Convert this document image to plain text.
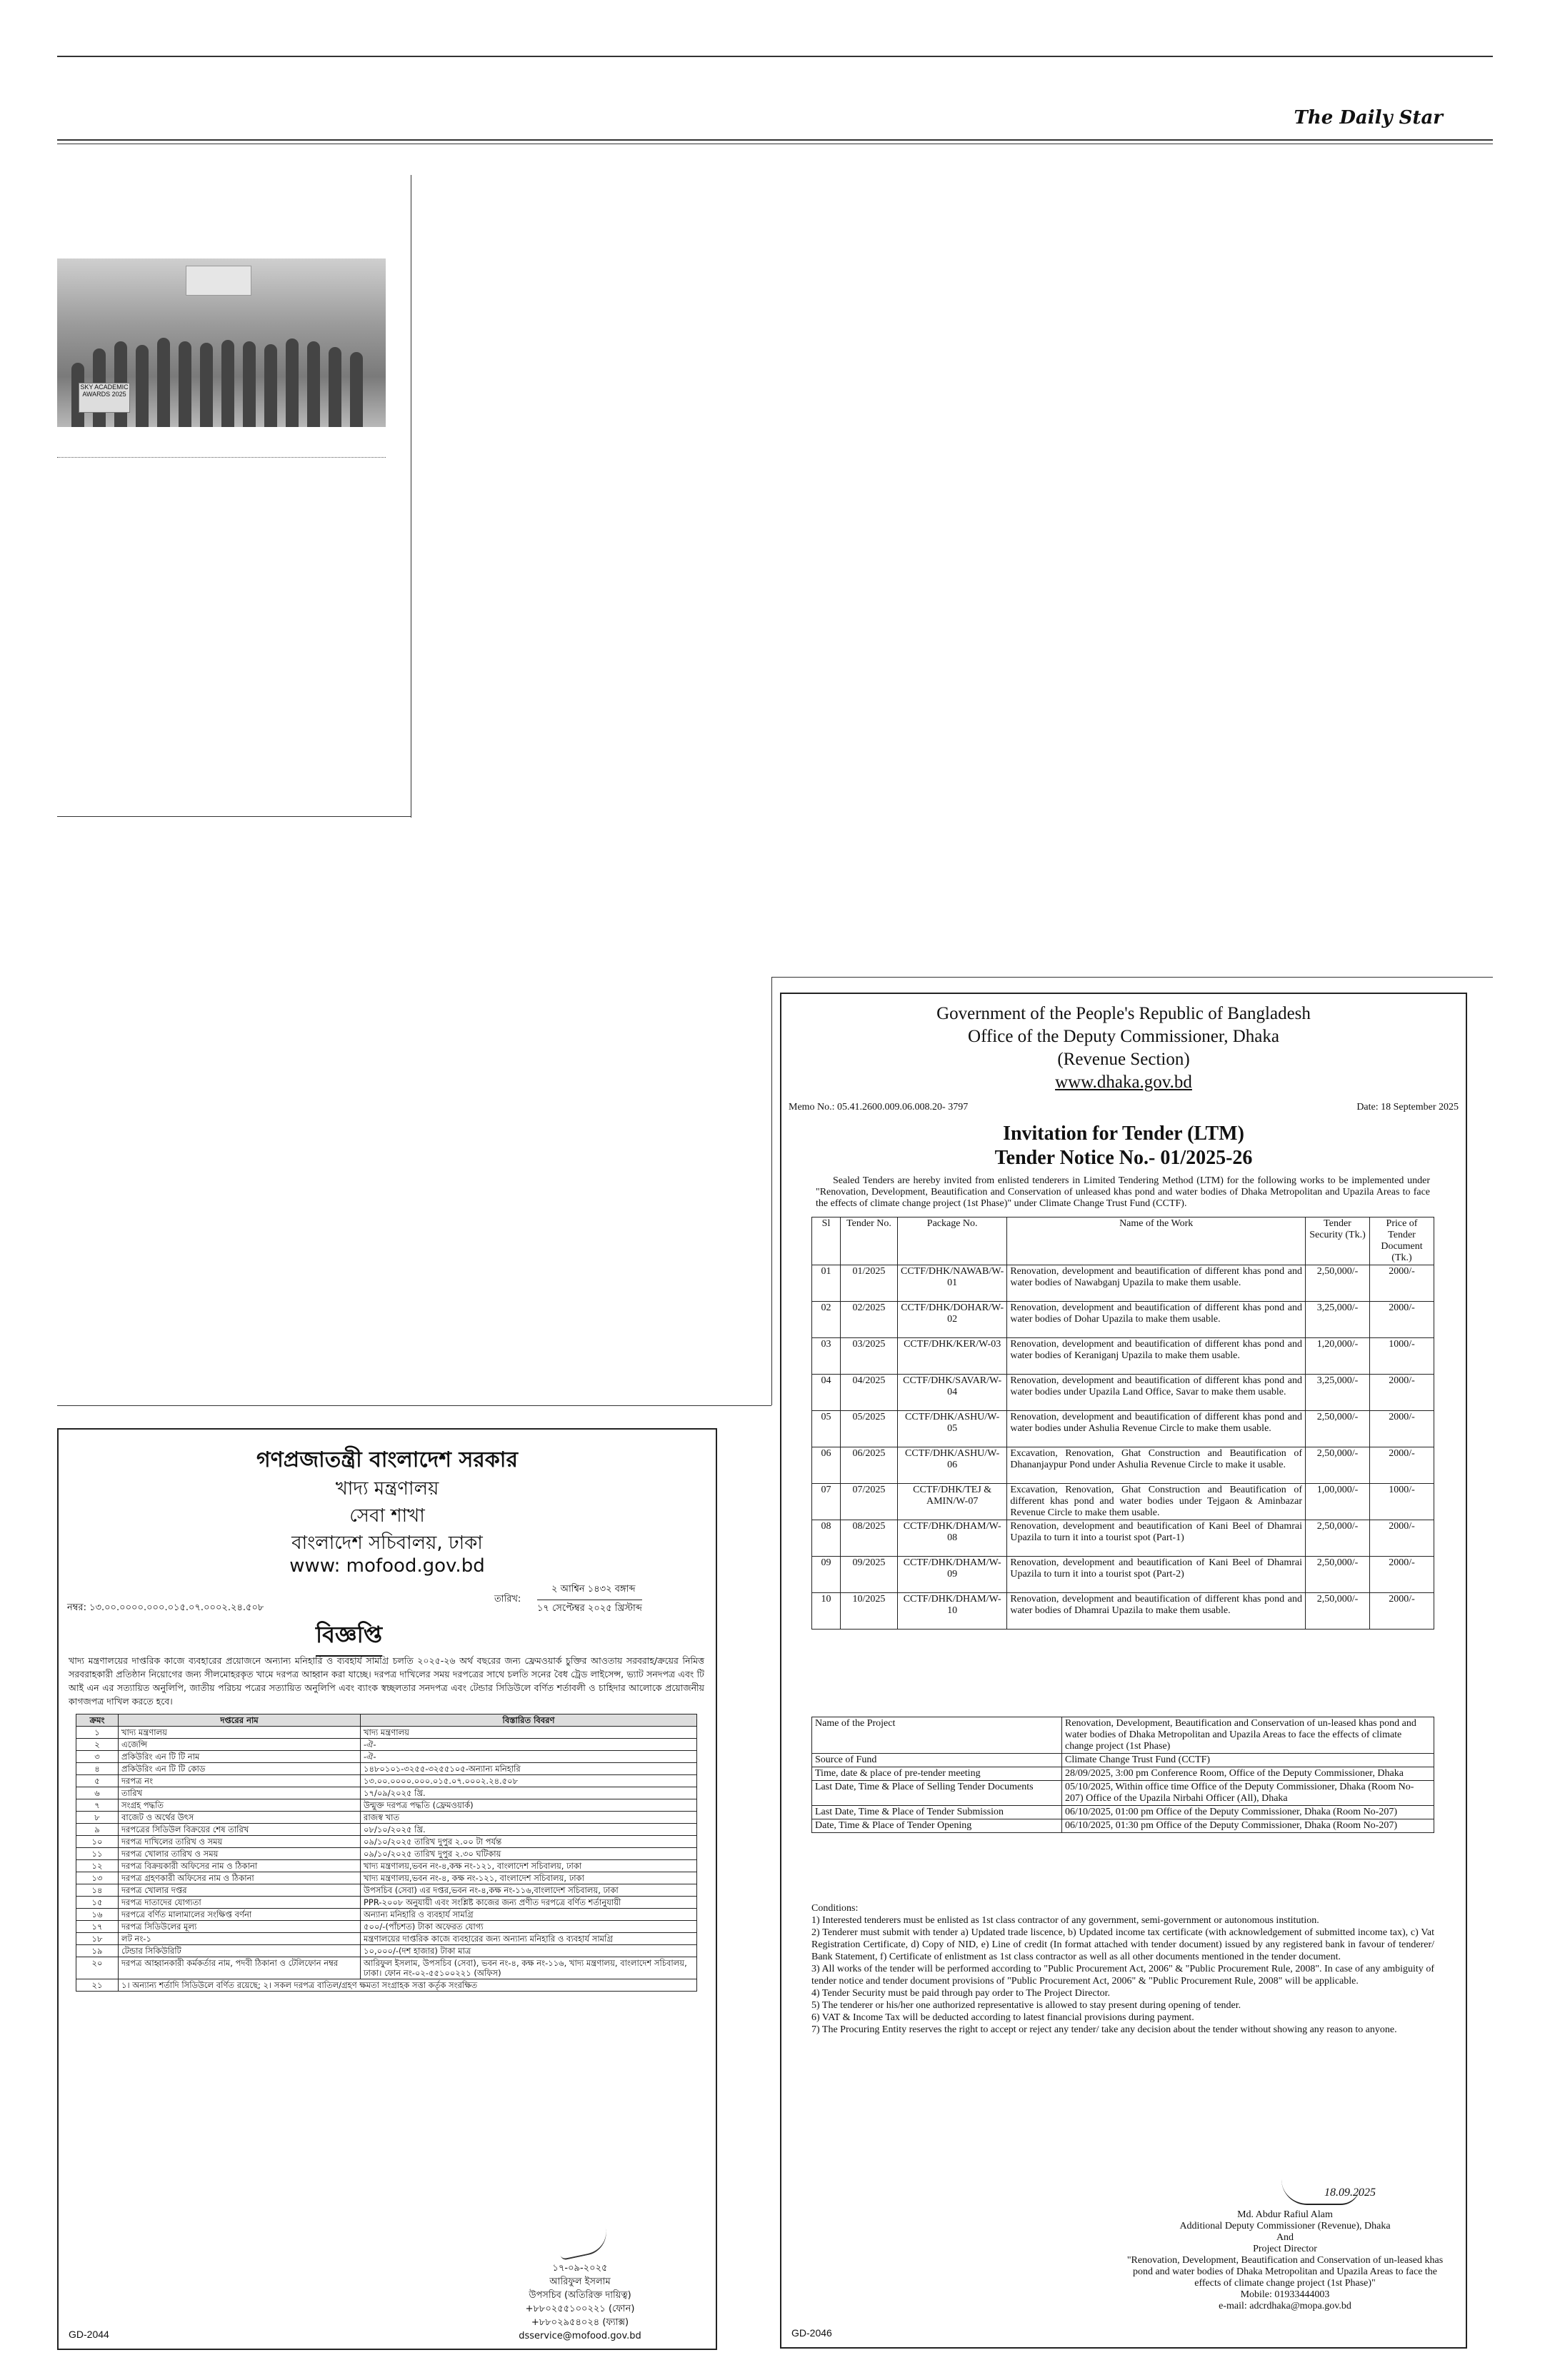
The Daily Star
SKY ACADEMIC AWARDS 2025
গণপ্রজাতন্ত্রী বাংলাদেশ সরকার
খাদ্য মন্ত্রণালয়
সেবা শাখা
বাংলাদেশ সচিবালয়, ঢাকা
www: mofood.gov.bd
তারিখ:
২ আশ্বিন ১৪৩২ বঙ্গাব্দ
১৭ সেপ্টেম্বর ২০২৫ খ্রিস্টাব্দ
নম্বর: ১৩.০০.০০০০.০০০.০১৫.০৭.০০০২.২৪.৫০৮
বিজ্ঞপ্তি
খাদ্য মন্ত্রণালয়ের দাপ্তরিক কাজে ব্যবহারের প্রয়োজনে অন্যান্য মনিহারি ও ব্যবহার্য সামগ্রি চলতি ২০২৫-২৬ অর্থ বছরের জন্য ফ্রেমওয়ার্ক চুক্তির আওতায় সরবরাহ/ক্রয়ের নিমিত্ত সরবরাহকারী প্রতিষ্ঠান নিয়োগের জন্য সীলমোহরকৃত খামে দরপত্র আহ্বান করা যাচ্ছে। দরপত্র দাখিলের সময় দরপত্রের সাথে চলতি সনের বৈধ ট্রেড লাইসেন্স, ভ্যাট সনদপত্র এবং টি আই এন এর সত্যায়িত অনুলিপি, জাতীয় পরিচয় পত্রের সত্যায়িত অনুলিপি এবং ব্যাংক স্বচ্ছলতার সনদপত্র এবং টেন্ডার সিডিউলে বর্ণিত শর্তাবলী ও চাহিদার আলোকে প্রয়োজনীয় কাগজপত্র দাখিল করতে হবে।
ক্রমং	দপ্তরের নাম	বিস্তারিত বিবরণ
১	খাদ্য মন্ত্রণালয়	খাদ্য মন্ত্রণালয়
২	এজেন্সি	-ঐ-
৩	প্রকিউরিং এন টি টি নাম	-ঐ-
৪	প্রকিউরিং এন টি টি কোড	১৪৮০১০১-৩২৫৫-৩২৫৫১০৫-অন্যান্য মনিহারি
৫	দরপত্র নং	১৩.০০.০০০০.০০০.০১৫.০৭.০০০২.২৪.৫০৮
৬	তারিখ	১৭/০৯/২০২৫ খ্রি.
৭	সংগ্রহ পদ্ধতি	উন্মুক্ত দরপত্র পদ্ধতি (ফ্রেমওয়ার্ক)
৮	বাজেট ও অর্থের উৎস	রাজস্ব খাত
৯	দরপত্রের সিডিউল বিক্রয়ের শেষ তারিখ	০৮/১০/২০২৫ খ্রি.
১০	দরপত্র দাখিলের তারিখ ও সময়	০৯/১০/২০২৫ তারিখ দুপুর ২.০০ টা পর্যন্ত
১১	দরপত্র খোলার তারিখ ও সময়	০৯/১০/২০২৫ তারিখ দুপুর ২.৩০ ঘটিকায়
১২	দরপত্র বিক্রয়কারী অফিসের নাম ও ঠিকানা	খাদ্য মন্ত্রণালয়,ভবন নং-৪,কক্ষ নং-১২১, বাংলাদেশ সচিবালয়, ঢাকা
১৩	দরপত্র গ্রহণকারী অফিসের নাম ও ঠিকানা	খাদ্য মন্ত্রণালয়,ভবন নং-৪, কক্ষ নং-১২১, বাংলাদেশ সচিবালয়, ঢাকা
১৪	দরপত্র খোলার দপ্তর	উপসচিব (সেবা) এর দপ্তর,ভবন নং-৪,কক্ষ নং-১১৬,বাংলাদেশ সচিবালয়, ঢাকা
১৫	দরপত্র দাতাদের যোগ্যতা	PPR-২০০৮ অনুযায়ী এবং সংশ্লিষ্ট কাজের জন্য প্রণীত দরপত্রে বর্ণিত শর্তানুযায়ী
১৬	দরপত্রে বর্ণিত মালামালের সংক্ষিপ্ত বর্ণনা	অন্যান্য মনিহারি ও ব্যবহার্য সামগ্রি
১৭	দরপত্র সিডিউলের মূল্য	৫০০/-(পাঁচশত) টাকা অফেরত যোগ্য
১৮	লট নং-১	মন্ত্রণালয়ের দাপ্তরিক কাজে ব্যবহারের জন্য অন্যান্য মনিহারি ও ব্যবহার্য সামগ্রি
১৯	টেন্ডার সিকিউরিটি	১০,০০০/-(দশ হাজার) টাকা মাত্র
২০	দরপত্র আহ্বানকারী কর্মকর্তার নাম, পদবী ঠিকানা ও টেলিফোন নম্বর	আরিফুল ইসলাম, উপসচিব (সেবা), ভবন নং-৪, কক্ষ নং-১১৬, খাদ্য মন্ত্রণালয়, বাংলাদেশ সচিবালয়, ঢাকা। ফোন নং-০২-৫৫১০০২২১ (অফিস)
২১	১। অন্যান্য শর্তাদি সিডিউলে বর্ণিত রয়েছে; ২। সকল দরপত্র বাতিল/গ্রহণ ক্ষমতা সংগ্রাহক সত্তা কর্তৃক সংরক্ষিত	
১৭-০৯-২০২৫
আরিফুল ইসলাম
উপসচিব (অতিরিক্ত দায়িত্ব)
+৮৮০২৫৫১০০২২১ (ফোন)
+৮৮০২৯৫৪০২৪ (ফ্যাক্স)
dsservice@mofood.gov.bd
GD-2044
Government of the People's Republic of Bangladesh
Office of the Deputy Commissioner, Dhaka
(Revenue Section)
www.dhaka.gov.bd
Memo No.: 05.41.2600.009.06.008.20- 3797	Date: 18 September 2025
Invitation for Tender (LTM)
Tender Notice No.- 01/2025-26
Sealed Tenders are hereby invited from enlisted tenderers in Limited Tendering Method (LTM) for the following works to be implemented under "Renovation, Development, Beautification and Conservation of unleased khas pond and water bodies of Dhaka Metropolitan and Upazila Areas to face the effects of climate change project (1st Phase)" under Climate Change Trust Fund (CCTF).
Sl	Tender No.	Package No.	Name of the Work	Tender Security (Tk.)	Price of Tender Document (Tk.)
01	01/2025	CCTF/DHK/NAWAB/W-01	Renovation, development and beautification of different khas pond and water bodies of Nawabganj Upazila to make them usable.	2,50,000/-	2000/-
02	02/2025	CCTF/DHK/DOHAR/W-02	Renovation, development and beautification of different khas pond and water bodies of Dohar Upazila to make them usable.	3,25,000/-	2000/-
03	03/2025	CCTF/DHK/KER/W-03	Renovation, development and beautification of different khas pond and water bodies of Keraniganj Upazila to make them usable.	1,20,000/-	1000/-
04	04/2025	CCTF/DHK/SAVAR/W-04	Renovation, development and beautification of different khas pond and water bodies under Upazila Land Office, Savar to make them usable.	3,25,000/-	2000/-
05	05/2025	CCTF/DHK/ASHU/W-05	Renovation, development and beautification of different khas pond and water bodies under Ashulia Revenue Circle to make them usable.	2,50,000/-	2000/-
06	06/2025	CCTF/DHK/ASHU/W-06	Excavation, Renovation, Ghat Construction and Beautification of Dhananjaypur Pond under Ashulia Revenue Circle to make it usable.	2,50,000/-	2000/-
07	07/2025	CCTF/DHK/TEJ & AMIN/W-07	Excavation, Renovation, Ghat Construction and Beautification of different khas pond and water bodies under Tejgaon & Aminbazar Revenue Circle to make them usable.	1,00,000/-	1000/-
08	08/2025	CCTF/DHK/DHAM/W-08	Renovation, development and beautification of Kani Beel of Dhamrai Upazila to turn it into a tourist spot (Part-1)	2,50,000/-	2000/-
09	09/2025	CCTF/DHK/DHAM/W-09	Renovation, development and beautification of Kani Beel of Dhamrai Upazila to turn it into a tourist spot (Part-2)	2,50,000/-	2000/-
10	10/2025	CCTF/DHK/DHAM/W-10	Renovation, development and beautification of different khas pond and water bodies of Dhamrai Upazila to make them usable.	2,50,000/-	2000/-
Name of the Project	Renovation, Development, Beautification and Conservation of un-leased khas pond and water bodies of Dhaka Metropolitan and Upazila Areas to face the effects of climate change project (1st Phase)
Source of Fund	Climate Change Trust Fund (CCTF)
Time, date & place of pre-tender meeting	28/09/2025, 3:00 pm Conference Room, Office of the Deputy Commissioner, Dhaka
Last Date, Time & Place of Selling Tender Documents	05/10/2025, Within office time Office of the Deputy Commissioner, Dhaka (Room No-207) Office of the Upazila Nirbahi Officer (All), Dhaka
Last Date, Time & Place of Tender Submission	06/10/2025, 01:00 pm Office of the Deputy Commissioner, Dhaka (Room No-207)
Date, Time & Place of Tender Opening	06/10/2025, 01:30 pm Office of the Deputy Commissioner, Dhaka (Room No-207)
Conditions:
1) Interested tenderers must be enlisted as 1st class contractor of any government, semi-government or autonomous institution.
2) Tenderer must submit with tender a) Updated trade liscence, b) Updated income tax certificate (with acknowledgement of submitted income tax), c) Vat Registration Certificate, d) Copy of NID, e) Line of credit (In format attached with tender document) issued by any registered bank in favour of tenderer/ Bank Statement, f) Certificate of enlistment as 1st class contractor as well as all other documents mentioned in the tender document.
3) All works of the tender will be performed according to "Public Procurement Act, 2006" & "Public Procurement Rule, 2008". In case of any ambiguity of tender notice and tender document provisions of "Public Procurement Act, 2006" & "Public Procurement Rule, 2008" will be applicable.
4) Tender Security must be paid through pay order to The Project Director.
5) The tenderer or his/her one authorized representative is allowed to stay present during opening of tender.
6) VAT & Income Tax will be deducted according to latest financial provisions during payment.
7) The Procuring Entity reserves the right to accept or reject any tender/ take any decision about the tender without showing any reason to anyone.
18.09.2025
Md. Abdur Rafiul Alam
Additional Deputy Commissioner (Revenue), Dhaka
And
Project Director
"Renovation, Development, Beautification and Conservation of un-leased khas pond and water bodies of Dhaka Metropolitan and Upazila Areas to face the effects of climate change project (1st Phase)"
Mobile: 01933444003
e-mail: adcrdhaka@mopa.gov.bd
GD-2046
